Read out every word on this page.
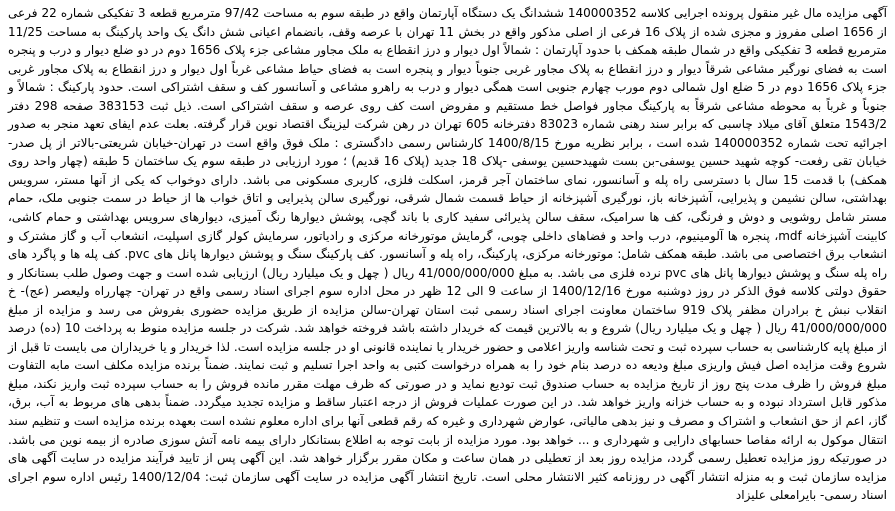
آگهی مزایده مال غیر منقول پرونده اجرایی کلاسه 140000352 ششدانگ یک دستگاه آپارتمان واقع در طبقه سوم به مساحت 97/42 مترمربع قطعه 3 تفکیکی شماره 22 فرعی از 1656 اصلی مفروز و مجزی شده از پلاک 16 فرعی از اصلی مذکور واقع در بخش 11 تهران با عرصه وقف، بانضمام اعیانی شش دانگ یک واحد پارکینگ به مساحت 11/25 مترمربع قطعه 3 تفکیکی واقع در شمال طبقه همکف با حدود آپارتمان : شمالاً اول دیوار و درز انقطاع به ملک مجاور مشاعی جزء پلاک 1656 دوم در دو ضلع دیوار و درب و پنجره است به فضای نورگیر مشاعی شرقاً دیوار و درز انقطاع به پلاک مجاور غربی جنوباً دیوار و پنجره است به فضای حیاط مشاعی غرباً اول دیوار و درز انقطاع به پلاک مجاور غربی جزء پلاک 1656 دوم در 5 ضلع اول شمالی دوم مورب چهارم جنوبی است همگی دیوار و درب به راهرو مشاعی و آسانسور کف و سقف اشتراکی است. حدود پارکینگ : شمالاً و جنوباً و غرباً به محوطه مشاعی شرقاً به پارکینگ مجاور فواصل خط مستقیم و مفروض است کف روی عرصه و سقف اشتراکی است. ذیل ثبت 383153 صفحه 298 دفتر 1543/2 متعلق آقای میلاد چاسبی که برابر سند رهنی شماره 83023 دفترخانه 605 تهران در رهن شرکت لیزینگ اقتصاد نوین قرار گرفته. بعلت عدم ایفای تعهد منجر به صدور اجرائیه تحت شماره 140000352 شده است ، برابر نظریه مورخ 1400/8/15 کارشناس رسمی دادگستری : ملک فوق واقع است در تهران-خیابان شریعتی-بالاتر از پل صدر-خیابان تقی رفعت- کوچه شهید حسین یوسفی-بن بست شهیدحسین یوسفی -پلاک 18 جدید (پلاک 16 قدیم) ؛ مورد ارزیابی در طبقه سوم یک ساختمان 5 طبقه (چهار واحد روی همکف) با قدمت 15 سال با دسترسی راه پله و آسانسور، نمای ساختمان آجر قرمز، اسکلت فلزی، کاربری مسکونی می باشد. دارای دوخواب که یکی از آنها مستر، سرویس بهداشتی، سالن نشیمن و پذیرایی، آشپزخانه باز، نورگیری آشپزخانه از حیاط قسمت شمال شرقی، نورگیری سالن پذیرایی و اتاق خواب ها از حیاط در سمت جنوبی ملک، حمام مستر شامل روشویی و دوش و فرنگی، کف ها سرامیک، سقف سالن پذیرائی سفید کاری با باند گچی، پوشش دیوارها رنگ آمیزی، دیوارهای سرویس بهداشتی و حمام کاشی، کابینت آشپزخانه mdf، پنجره ها آلومینیوم، درب واحد و فضاهای داخلی چوبی، گرمایش موتورخانه مرکزی و رادیاتور، سرمایش کولر گازی اسپلیت، انشعاب آب و گاز مشترک و انشعاب برق اختصاصی می باشد. طبقه همکف شامل: موتورخانه مرکزی، پارکینگ، راه پله و آسانسور. کف پارکینگ سنگ و پوشش دیوارها پانل های pvc. کف پله ها و پاگرد های راه پله سنگ و پوشش دیوارها پانل های pvc نرده فلزی می باشد. به مبلغ 41/000/000/000 ریال ( چهل و یک میلیارد ریال) ارزیابی شده است و جهت وصول طلب بستانکار و حقوق دولتی کلاسه فوق الذکر در روز دوشنبه مورخ 1400/12/16 از ساعت 9 الی 12 ظهر در محل اداره سوم اجرای اسناد رسمی واقع در تهران- چهارراه ولیعصر (عج)- خ انقلاب نبش خ برادران مظفر پلاک 919 ساختمان معاونت اجرای اسناد رسمی ثبت استان تهران-سالن مزایده از طریق مزایده حضوری بفروش می رسد و مزایده از مبلغ 41/000/000/000 ریال ( چهل و یک میلیارد ریال) شروع و به بالاترین قیمت که خریدار داشته باشد فروخته خواهد شد. شرکت در جلسه مزایده منوط به پرداخت 10 (ده) درصد از مبلغ پایه کارشناسی به حساب سپرده ثبت و تحت شناسه واریز اعلامی و حضور خریدار یا نماینده قانونی او در جلسه مزایده است. لذا خریدار و یا خریداران می بایست تا قبل از شروع وقت مزایده اصل فیش واریزی مبلغ ودیعه ده درصد بنام خود را به همراه درخواست کتبی به واحد اجرا تسلیم و ثبت نمایند. ضمناً برنده مزایده مکلف است مابه التفاوت مبلغ فروش را ظرف مدت پنج روز از تاریخ مزایده به حساب صندوق ثبت تودیع نماید و در صورتی که ظرف مهلت مقرر مانده فروش را به حساب سپرده ثبت واریز نکند، مبلغ مذکور قابل استرداد نبوده و به حساب خزانه واریز خواهد شد. در این صورت عملیات فروش از درجه اعتبار ساقط و مزایده تجدید میگردد. ضمناً بدهی های مربوط به آب، برق، گاز، اعم از حق انشعاب و اشتراک و مصرف و نیز بدهی مالیاتی، عوارض شهرداری و غیره که رقم قطعی آنها برای اداره معلوم نشده است بعهده برنده مزایده است و تنظیم سند انتقال موکول به ارائه مفاصا حسابهای دارایی و شهرداری و ... خواهد بود. مورد مزایده از بابت توجه به اطلاع بستانکار دارای بیمه نامه آتش سوزی صادره از بیمه نوین می باشد. در صورتیکه روز مزایده تعطیل رسمی گردد، مزایده روز بعد از تعطیلی در همان ساعت و مکان مقرر برگزار خواهد شد. این آگهی پس از تایید فرآیند مزایده در سایت آگهی های مزایده سازمان ثبت و به منزله انتشار آگهی در روزنامه کثیر الانتشار محلی است. تاریخ انتشار آگهی مزایده در سایت آگهی سازمان ثبت: 1400/12/04 رئیس اداره سوم اجرای اسناد رسمی- بایرامعلی علیزاد
